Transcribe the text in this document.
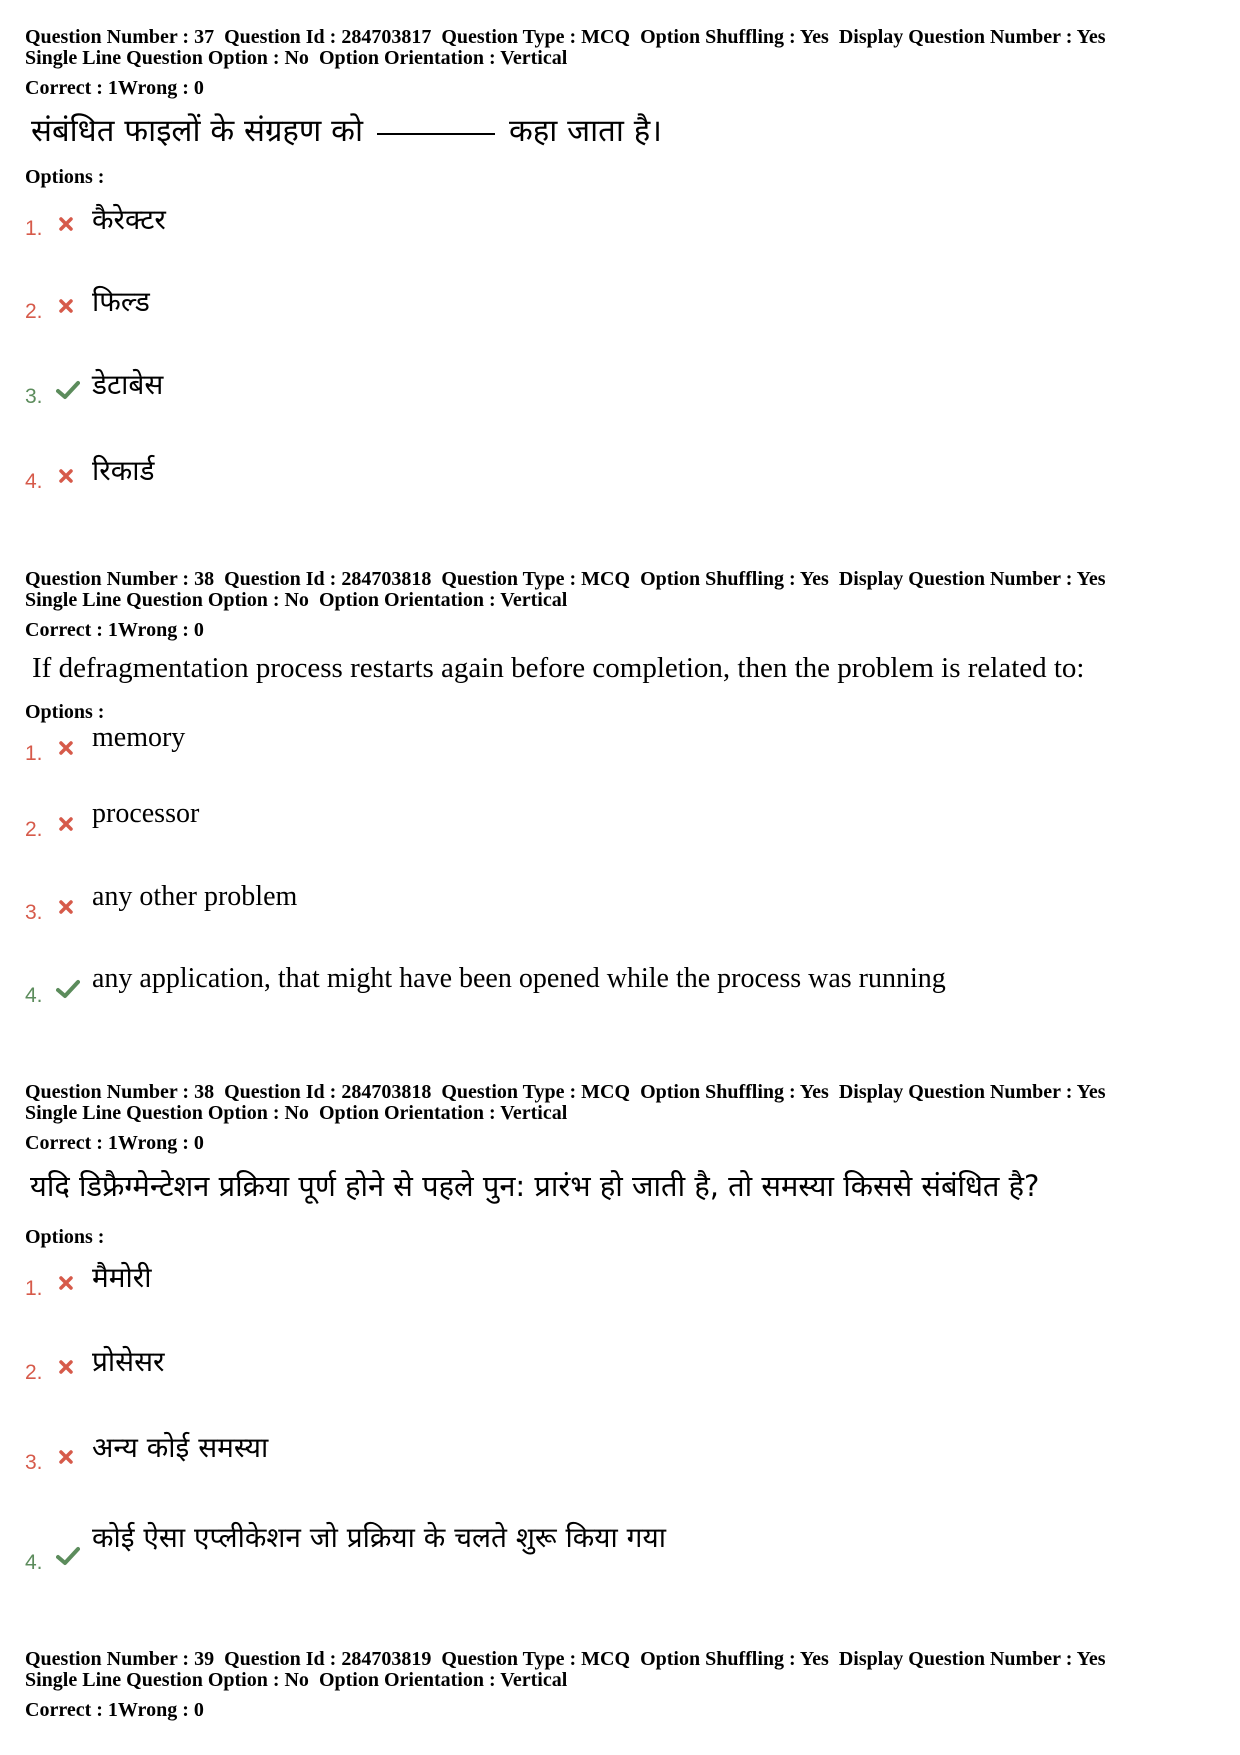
Question Number : 37 Question Id : 284703817 Question Type : MCQ Option Shuffling : Yes Display Question Number : Yes
Single Line Question Option : No Option Orientation : Vertical
Correct : 1Wrong : 0
संबंधित फाइलों के संग्रहण को	कहा जाता है।
Options :
1. कैरेक्टर
2. फिल्ड
3. डेटाबेस
4. रिकार्ड
Question Number : 38 Question Id : 284703818 Question Type : MCQ Option Shuffling : Yes Display Question Number : Yes
Single Line Question Option : No Option Orientation : Vertical
Correct : 1Wrong : 0
If defragmentation process restarts again before completion, then the problem is related to:
Options :
1.
memory
2.
processor
3.
any other problem
4.
any application, that might have been opened while the process was running
Question Number : 38 Question Id : 284703818 Question Type : MCQ Option Shuffling : Yes Display Question Number : Yes
Single Line Question Option : No Option Orientation : Vertical
Correct : 1Wrong : 0
यदि डिफ्रैग्मेन्टेशन प्रक्रिया पूर्ण होने से पहले पुन: प्रारंभ हो जाती है, तो समस्या किससे संबंधित है?
Options :
1. मैमोरी
2. प्रोसेसर
3. अन्य कोई समस्या
4.
कोई ऐसा एप्लीकेशन जो प्रक्रिया के चलते शुरू किया गया
Question Number : 39 Question Id : 284703819 Question Type : MCQ Option Shuffling : Yes Display Question Number : Yes
Single Line Question Option : No Option Orientation : Vertical
Correct : 1Wrong : 0
